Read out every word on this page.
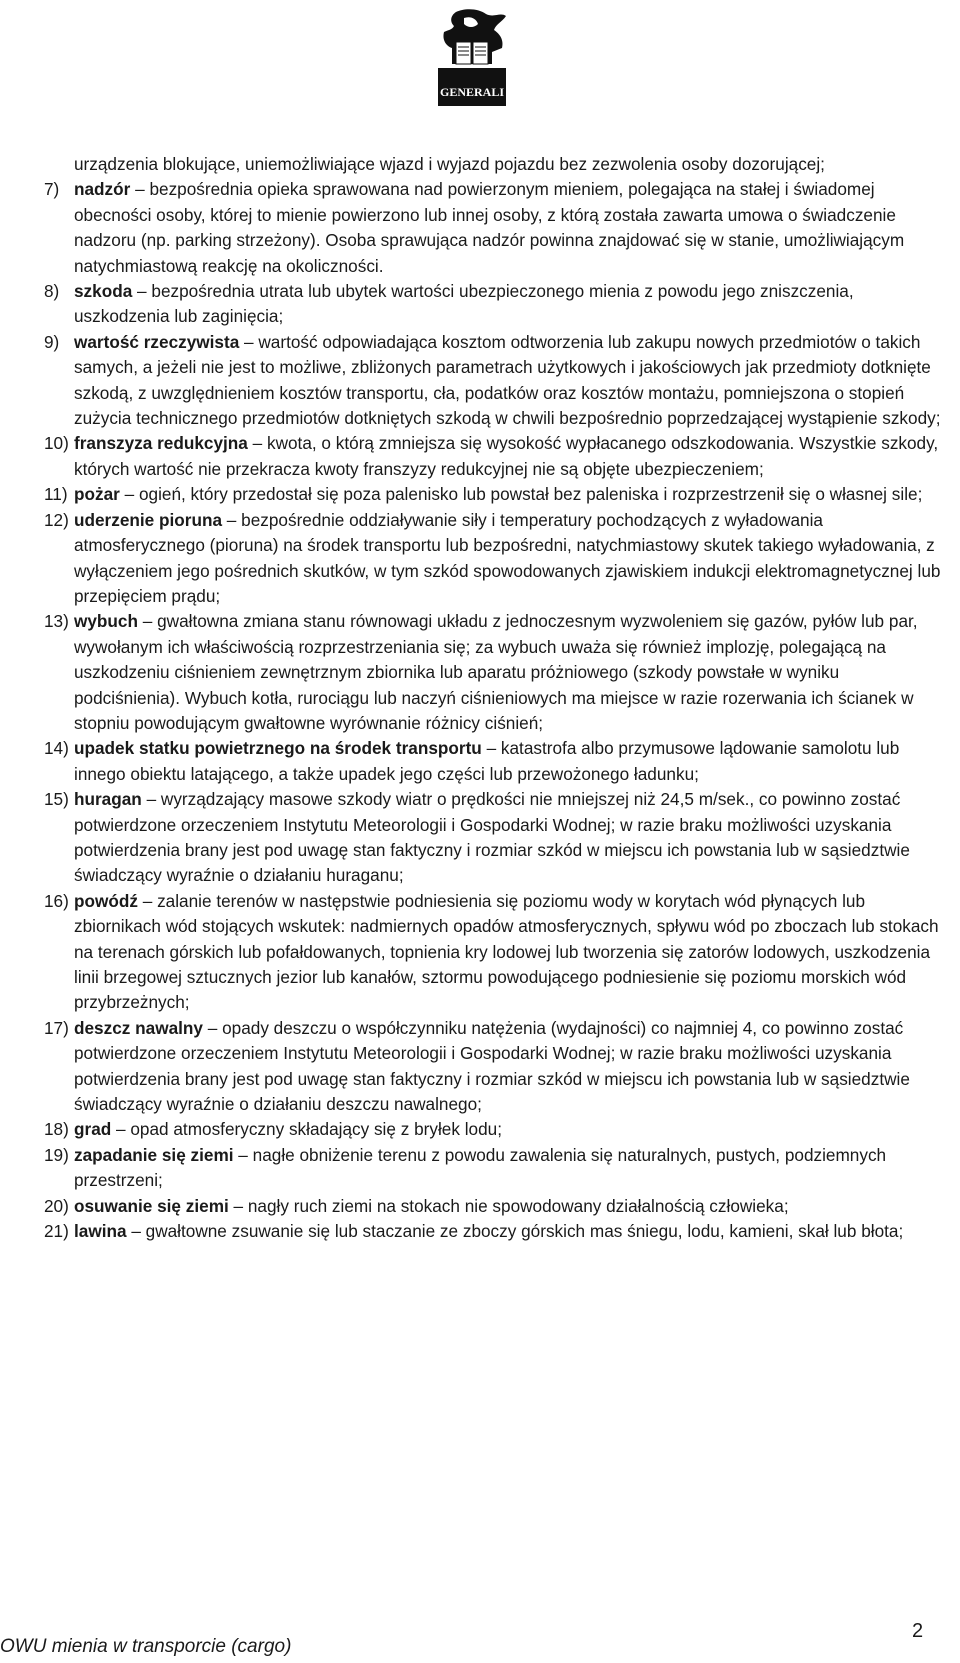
GENERALI

urządzenia blokujące, uniemożliwiające wjazd i wyjazd pojazdu bez zezwolenia osoby dozorującej;

7) nadzór – bezpośrednia opieka sprawowana nad powierzonym mieniem, polegająca na stałej i świadomej obecności osoby, której to mienie powierzono lub innej osoby, z którą została zawarta umowa o świadczenie nadzoru (np. parking strzeżony). Osoba sprawująca nadzór powinna znajdować się w stanie, umożliwiającym natychmiastową reakcję na okoliczności.
8) szkoda – bezpośrednia utrata lub ubytek wartości ubezpieczonego mienia z powodu jego zniszczenia, uszkodzenia lub zaginięcia;
9) wartość rzeczywista – wartość odpowiadająca kosztom odtworzenia lub zakupu nowych przedmiotów o takich samych, a jeżeli nie jest to możliwe, zbliżonych parametrach użytkowych i jakościowych jak przedmioty dotknięte szkodą, z uwzględnieniem kosztów transportu, cła, podatków oraz kosztów montażu, pomniejszona o stopień zużycia technicznego przedmiotów dotkniętych szkodą w chwili bezpośrednio poprzedzającej wystąpienie szkody;
10) franszyza redukcyjna – kwota, o którą zmniejsza się wysokość wypłacanego odszkodowania. Wszystkie szkody, których wartość nie przekracza kwoty franszyzy redukcyjnej nie są objęte ubezpieczeniem;
11) pożar – ogień, który przedostał się poza palenisko lub powstał bez paleniska i rozprzestrzenił się o własnej sile;
12) uderzenie pioruna – bezpośrednie oddziaływanie siły i temperatury pochodzących z wyładowania atmosferycznego (pioruna) na środek transportu lub bezpośredni, natychmiastowy skutek takiego wyładowania, z wyłączeniem jego pośrednich skutków, w tym szkód spowodowanych zjawiskiem indukcji elektromagnetycznej lub przepięciem prądu;
13) wybuch – gwałtowna zmiana stanu równowagi układu z jednoczesnym wyzwoleniem się gazów, pyłów lub par, wywołanym ich właściwością rozprzestrzeniania się; za wybuch uważa się również implozję, polegającą na uszkodzeniu ciśnieniem zewnętrznym zbiornika lub aparatu próżniowego (szkody powstałe w wyniku podciśnienia). Wybuch kotła, rurociągu lub naczyń ciśnieniowych ma miejsce w razie rozerwania ich ścianek w stopniu powodującym gwałtowne wyrównanie różnicy ciśnień;
14) upadek statku powietrznego na środek transportu – katastrofa albo przymusowe lądowanie samolotu lub innego obiektu latającego, a także upadek jego części lub przewożonego ładunku;
15) huragan – wyrządzający masowe szkody wiatr o prędkości nie mniejszej niż 24,5 m/sek., co powinno zostać potwierdzone orzeczeniem Instytutu Meteorologii i Gospodarki Wodnej; w razie braku możliwości uzyskania potwierdzenia brany jest pod uwagę stan faktyczny i rozmiar szkód w miejscu ich powstania lub w sąsiedztwie świadczący wyraźnie o działaniu huraganu;
16) powódź – zalanie terenów w następstwie podniesienia się poziomu wody w korytach wód płynących lub zbiornikach wód stojących wskutek: nadmiernych opadów atmosferycznych, spływu wód po zboczach lub stokach na terenach górskich lub pofałdowanych, topnienia kry lodowej lub tworzenia się zatorów lodowych, uszkodzenia linii brzegowej sztucznych jezior lub kanałów, sztormu powodującego podniesienie się poziomu morskich wód przybrzeżnych;
17) deszcz nawalny – opady deszczu o współczynniku natężenia (wydajności) co najmniej 4, co powinno zostać potwierdzone orzeczeniem Instytutu Meteorologii i Gospodarki Wodnej; w razie braku możliwości uzyskania potwierdzenia brany jest pod uwagę stan faktyczny i rozmiar szkód w miejscu ich powstania lub w sąsiedztwie świadczący wyraźnie o działaniu deszczu nawalnego;
18) grad – opad atmosferyczny składający się z bryłek lodu;
19) zapadanie się ziemi – nagłe obniżenie terenu z powodu zawalenia się naturalnych, pustych, podziemnych przestrzeni;
20) osuwanie się ziemi – nagły ruch ziemi na stokach nie spowodowany działalnością człowieka;
21) lawina – gwałtowne zsuwanie się lub staczanie ze zboczy górskich mas śniegu, lodu, kamieni, skał lub błota;
OWU mienia w transporcie (cargo)
2
